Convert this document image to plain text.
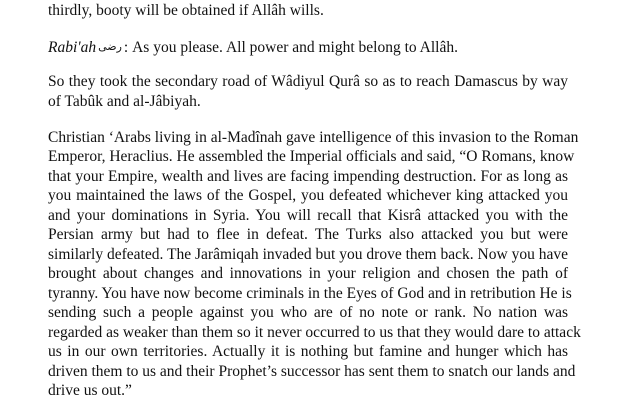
thirdly, booty will be obtained if Allâh wills.
Rabi'ah رضى : As you please. All power and might belong to Allâh.
So they took the secondary road of Wâdiyul Qurâ so as to reach Damascus by way
of Tabûk and al-Jâbiyah.
Christian ‘Arabs living in al-Madînah gave intelligence of this invasion to the Roman
Emperor, Heraclius. He assembled the Imperial officials and said, “O Romans, know
that your Empire, wealth and lives are facing impending destruction. For as long as
you maintained the laws of the Gospel, you defeated whichever king attacked you
and your dominations in Syria. You will recall that Kisrâ attacked you with the
Persian army but had to flee in defeat. The Turks also attacked you but were
similarly defeated. The Jarâmiqah invaded but you drove them back. Now you have
brought about changes and innovations in your religion and chosen the path of
tyranny. You have now become criminals in the Eyes of God and in retribution He is
sending such a people against you who are of no note or rank. No nation was
regarded as weaker than them so it never occurred to us that they would dare to attack
us in our own territories. Actually it is nothing but famine and hunger which has
driven them to us and their Prophet’s successor has sent them to snatch our lands and
drive us out.”
